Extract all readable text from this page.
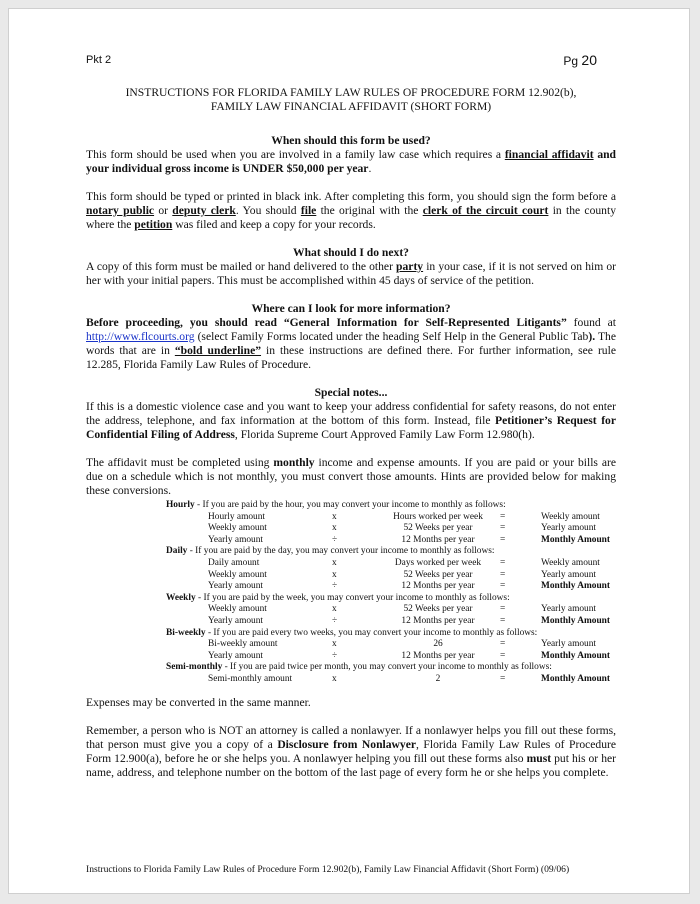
Pkt 2	Pg 20
INSTRUCTIONS FOR FLORIDA FAMILY LAW RULES OF PROCEDURE FORM 12.902(b),
FAMILY LAW FINANCIAL AFFIDAVIT (SHORT FORM)
When should this form be used?

This form should be used when you are involved in a family law case which requires a financial affidavit and your individual gross income is UNDER $50,000 per year.

This form should be typed or printed in black ink. After completing this form, you should sign the form before a notary public or deputy clerk. You should file the original with the clerk of the circuit court in the county where the petition was filed and keep a copy for your records.

What should I do next?

A copy of this form must be mailed or hand delivered to the other party in your case, if it is not served on him or her with your initial papers. This must be accomplished within 45 days of service of the petition.

Where can I look for more information?

Before proceeding, you should read “General Information for Self-Represented Litigants” found at http://www.flcourts.org (select Family Forms located under the heading Self Help in the General Public Tab). The words that are in “bold underline” in these instructions are defined there. For further information, see rule 12.285, Florida Family Law Rules of Procedure.

Special notes...

If this is a domestic violence case and you want to keep your address confidential for safety reasons, do not enter the address, telephone, and fax information at the bottom of this form. Instead, file Petitioner’s Request for Confidential Filing of Address, Florida Supreme Court Approved Family Law Form 12.980(h).

The affidavit must be completed using monthly income and expense amounts. If you are paid or your bills are due on a schedule which is not monthly, you must convert those amounts. Hints are provided below for making these conversions.

Hourly - If you are paid by the hour, you may convert your income to monthly as follows:
Hourly amount	x	Hours worked per week	=	Weekly amount
Weekly amount	x	52 Weeks per year	=	Yearly amount
Yearly amount	÷	12 Months per year	=	Monthly Amount
Daily - If you are paid by the day, you may convert your income to monthly as follows:
Daily amount	x	Days worked per week	=	Weekly amount
Weekly amount	x	52 Weeks per year	=	Yearly amount
Yearly amount	÷	12 Months per year	=	Monthly Amount
Weekly - If you are paid by the week, you may convert your income to monthly as follows:
Weekly amount	x	52 Weeks per year	=	Yearly amount
Yearly amount	÷	12 Months per year	=	Monthly Amount
Bi-weekly - If you are paid every two weeks, you may convert your income to monthly as follows:
Bi-weekly amount	x	26	=	Yearly amount
Yearly amount	÷	12 Months per year	=	Monthly Amount
Semi-monthly - If you are paid twice per month, you may convert your income to monthly as follows:
Semi-monthly amount	x	2	=	Monthly Amount

Expenses may be converted in the same manner.

Remember, a person who is NOT an attorney is called a nonlawyer. If a nonlawyer helps you fill out these forms, that person must give you a copy of a Disclosure from Nonlawyer, Florida Family Law Rules of Procedure Form 12.900(a), before he or she helps you. A nonlawyer helping you fill out these forms also must put his or her name, address, and telephone number on the bottom of the last page of every form he or she helps you complete.

Instructions to Florida Family Law Rules of Procedure Form 12.902(b), Family Law Financial Affidavit (Short Form) (09/06)
